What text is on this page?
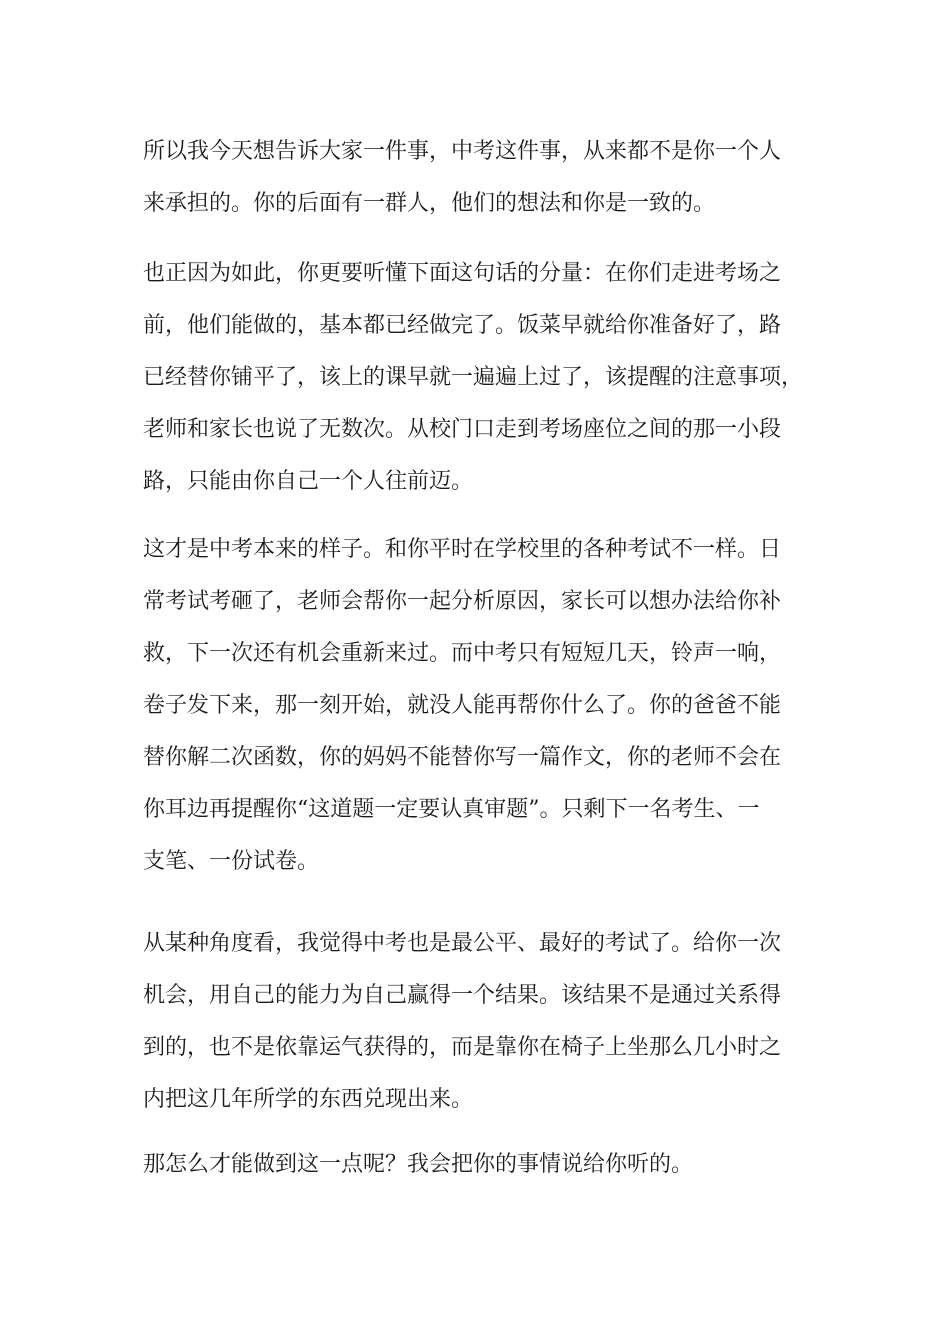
所以我今天想告诉大家一件事，中考这件事，从来都不是你一个人
来承担的。你的后面有一群人，他们的想法和你是一致的。
也正因为如此，你更要听懂下面这句话的分量：在你们走进考场之
前，他们能做的，基本都已经做完了。饭菜早就给你准备好了，路
已经替你铺平了，该上的课早就一遍遍上过了，该提醒的注意事项，
老师和家长也说了无数次。从校门口走到考场座位之间的那一小段
路，只能由你自己一个人往前迈。
这才是中考本来的样子。和你平时在学校里的各种考试不一样。日
常考试考砸了，老师会帮你一起分析原因，家长可以想办法给你补
救，下一次还有机会重新来过。而中考只有短短几天，铃声一响，
卷子发下来，那一刻开始，就没人能再帮你什么了。你的爸爸不能
替你解二次函数，你的妈妈不能替你写一篇作文，你的老师不会在
你耳边再提醒你“这道题一定要认真审题”。只剩下一名考生、一
支笔、一份试卷。
从某种角度看，我觉得中考也是最公平、最好的考试了。给你一次
机会，用自己的能力为自己赢得一个结果。该结果不是通过关系得
到的，也不是依靠运气获得的，而是靠你在椅子上坐那么几小时之
内把这几年所学的东西兑现出来。
那怎么才能做到这一点呢？我会把你的事情说给你听的。
